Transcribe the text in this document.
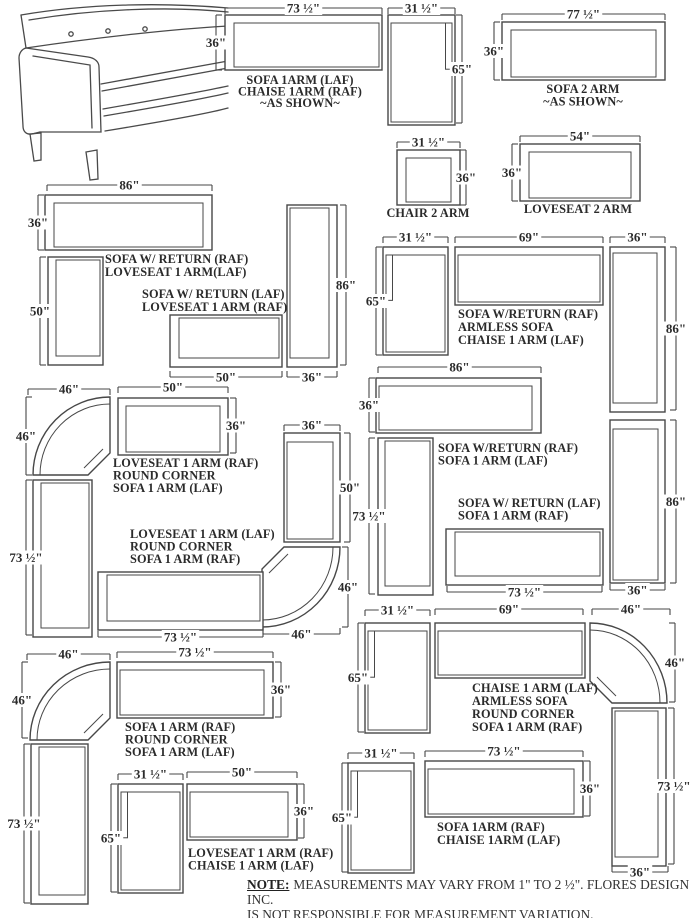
73 ½"
36"
31 ½"
65"
SOFA 1ARM (LAF)
CHAISE 1ARM (RAF)
~AS SHOWN~
77 ½"
36"
SOFA 2 ARM
~AS SHOWN~
31 ½"
36"
CHAIR 2 ARM
54"
36"
LOVESEAT 2 ARM
86"
36"
50"
SOFA W/ RETURN (RAF)
LOVESEAT 1 ARM(LAF)
50"	36"
86"
SOFA W/ RETURN (LAF)
LOVESEAT 1 ARM (RAF)
31 ½"	69"	36"
65"
86"
SOFA W/RETURN (RAF)
ARMLESS SOFA
CHAISE 1 ARM (LAF)
86"
36"
73 ½"
73 ½"
86"
36"
SOFA W/RETURN (RAF)
SOFA 1 ARM (LAF)
SOFA W/ RETURN (LAF)
SOFA 1 ARM (RAF)
46"	50"
46"
36"
73 ½"
36"
50"
46"
46"
73 ½"
LOVESEAT 1 ARM (RAF)
ROUND CORNER
SOFA 1 ARM (LAF)
LOVESEAT 1 ARM (LAF)
ROUND CORNER
SOFA 1 ARM (RAF)
46"	73 ½"
46"
36"
73 ½"
SOFA 1 ARM (RAF)
ROUND CORNER
SOFA 1 ARM (LAF)
31 ½"	50"
65"
36"
LOVESEAT 1 ARM (RAF)
CHAISE 1 ARM (LAF)
31 ½"	69"	46"
65"
46"
73 ½"
36"
CHAISE 1 ARM (LAF)
ARMLESS SOFA
ROUND CORNER
SOFA 1 ARM (RAF)
31 ½"	73 ½"
65"
36"
SOFA 1ARM (RAF)
CHAISE 1ARM (LAF)
NOTE: MEASUREMENTS MAY VARY FROM 1" TO 2 ½". FLORES DESIGN INC.
IS NOT RESPONSIBLE FOR MEASUREMENT VARIATION.
